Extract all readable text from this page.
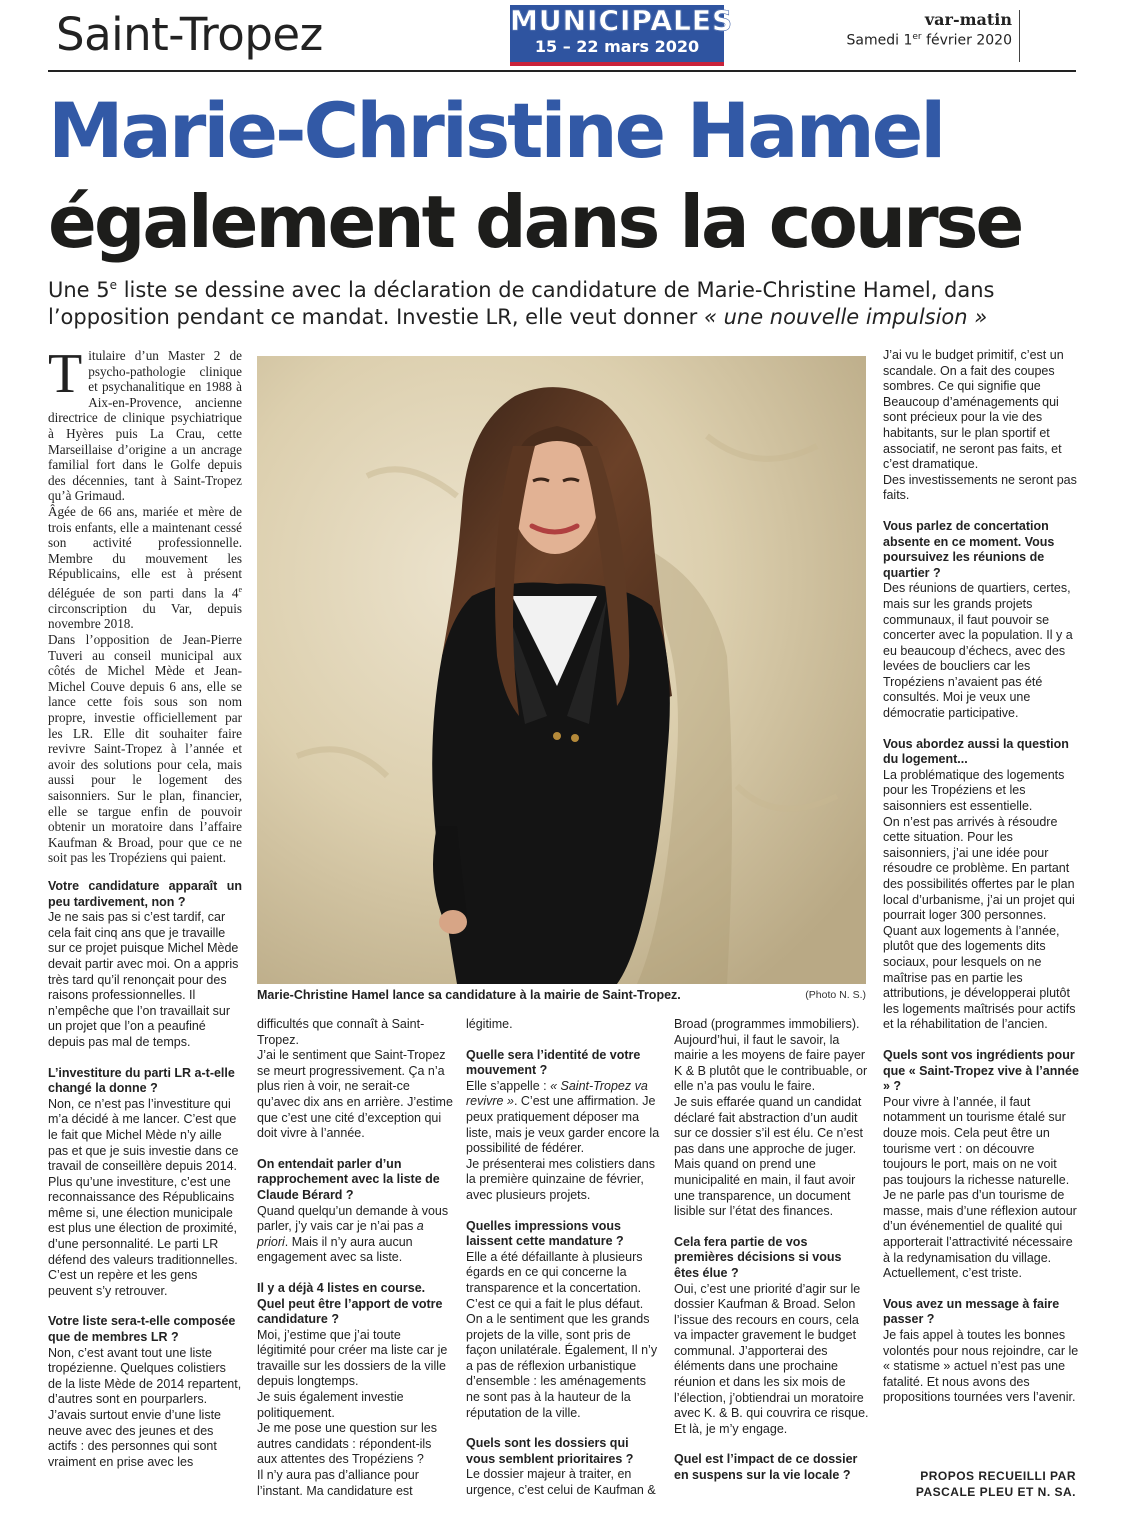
Saint-Tropez	MUNICIPALES
15 – 22 mars 2020
var-matin
Samedi 1er février 2020
Marie-Christine Hamel
également dans la course
Une 5e liste se dessine avec la déclaration de candidature de Marie-Christine Hamel, dans l’opposition pendant ce mandat. Investie LR, elle veut donner « une nouvelle impulsion »

Titulaire d’un Master 2 de psycho-pathologie clinique et psychanalitique en 1988 à Aix-en-Provence, ancienne directrice de clinique psychiatrique à Hyères puis La Crau, cette Marseillaise d’origine a un ancrage familial fort dans le Golfe depuis des décennies, tant à Saint-Tropez qu’à Grimaud.

Âgée de 66 ans, mariée et mère de trois enfants, elle a maintenant cessé son activité professionnelle. Membre du mouvement les Républicains, elle est à présent déléguée de son parti dans la 4e circonscription du Var, depuis novembre 2018.

Dans l’opposition de Jean-Pierre Tuveri au conseil municipal aux côtés de Michel Mède et Jean-Michel Couve depuis 6 ans, elle se lance cette fois sous son nom propre, investie officiellement par les LR. Elle dit souhaiter faire revivre Saint-Tropez à l’année et avoir des solutions pour cela, mais aussi pour le logement des saisonniers. Sur le plan, financier, elle se targue enfin de pouvoir obtenir un moratoire dans l’affaire Kaufman & Broad, pour que ce ne soit pas les Tropéziens qui paient.

Votre candidature apparaît un peu tardivement, non ?

Je ne sais pas si c’est tardif, car cela fait cinq ans que je travaille sur ce projet puisque Michel Mède devait partir avec moi. On a appris très tard qu’il renonçait pour des raisons professionnelles. Il n’empêche que l’on travaillait sur un projet que l’on a peaufiné depuis pas mal de temps.

L’investiture du parti LR a-t-elle changé la donne ?

Non, ce n’est pas l’investiture qui m’a décidé à me lancer. C’est que le fait que Michel Mède n’y aille pas et que je suis investie dans ce travail de conseillère depuis 2014. Plus qu’une investiture, c’est une reconnaissance des Républicains même si, une élection municipale est plus une élection de proximité, d’une personnalité. Le parti LR défend des valeurs traditionnelles. C’est un repère et les gens peuvent s’y retrouver.

Votre liste sera-t-elle composée que de membres LR ?

Non, c’est avant tout une liste tropézienne. Quelques colistiers de la liste Mède de 2014 repartent, d’autres sont en pourparlers. J’avais surtout envie d’une liste neuve avec des jeunes et des actifs : des personnes qui sont vraiment en prise avec les

Marie-Christine Hamel lance sa candidature à la mairie de Saint-Tropez.	(Photo N. S.)

difficultés que connaît à Saint-Tropez.

J’ai le sentiment que Saint-Tropez se meurt progressivement. Ça n’a plus rien à voir, ne serait-ce qu’avec dix ans en arrière. J’estime que c’est une cité d’exception qui doit vivre à l’année.

On entendait parler d’un rapprochement avec la liste de Claude Bérard ?

Quand quelqu’un demande à vous parler, j’y vais car je n’ai pas a priori. Mais il n’y aura aucun engagement avec sa liste.

Il y a déjà 4 listes en course. Quel peut être l’apport de votre candidature ?

Moi, j’estime que j’ai toute légitimité pour créer ma liste car je travaille sur les dossiers de la ville depuis longtemps.

Je suis également investie politiquement.

Je me pose une question sur les autres candidats : répondent-ils aux attentes des Tropéziens ?

Il n’y aura pas d’alliance pour l’instant. Ma candidature est

légitime.

Quelle sera l’identité de votre mouvement ?

Elle s’appelle : « Saint-Tropez va revivre ». C’est une affirmation. Je peux pratiquement déposer ma liste, mais je veux garder encore la possibilité de fédérer.

Je présenterai mes colistiers dans la première quinzaine de février, avec plusieurs projets.

Quelles impressions vous laissent cette mandature ?

Elle a été défaillante à plusieurs égards en ce qui concerne la transparence et la concertation. C’est ce qui a fait le plus défaut.

On a le sentiment que les grands projets de la ville, sont pris de façon unilatérale. Également, Il n’y a pas de réflexion urbanistique d’ensemble : les aménagements ne sont pas à la hauteur de la réputation de la ville.

Quels sont les dossiers qui vous semblent prioritaires ?

Le dossier majeur à traiter, en urgence, c’est celui de Kaufman &

Broad (programmes immobiliers).

Aujourd’hui, il faut le savoir, la mairie a les moyens de faire payer K & B plutôt que le contribuable, or elle n’a pas voulu le faire.

Je suis effarée quand un candidat déclaré fait abstraction d’un audit sur ce dossier s’il est élu. Ce n’est pas dans une approche de juger. Mais quand on prend une municipalité en main, il faut avoir une transparence, un document lisible sur l’état des finances.

Cela fera partie de vos premières décisions si vous êtes élue ?

Oui, c’est une priorité d’agir sur le dossier Kaufman & Broad. Selon l’issue des recours en cours, cela va impacter gravement le budget communal. J’apporterai des éléments dans une prochaine réunion et dans les six mois de l’élection, j’obtiendrai un moratoire avec K. & B. qui couvrira ce risque.

Et là, je m’y engage.

Quel est l’impact de ce dossier en suspens sur la vie locale ?

J’ai vu le budget primitif, c’est un scandale. On a fait des coupes sombres. Ce qui signifie que Beaucoup d’aménagements qui sont précieux pour la vie des habitants, sur le plan sportif et associatif, ne seront pas faits, et c’est dramatique.

Des investissements ne seront pas faits.

Vous parlez de concertation absente en ce moment. Vous poursuivez les réunions de quartier ?

Des réunions de quartiers, certes, mais sur les grands projets communaux, il faut pouvoir se concerter avec la population. Il y a eu beaucoup d’échecs, avec des levées de boucliers car les Tropéziens n’avaient pas été consultés. Moi je veux une démocratie participative.

Vous abordez aussi la question du logement...

La problématique des logements pour les Tropéziens et les saisonniers est essentielle.

On n’est pas arrivés à résoudre cette situation. Pour les saisonniers, j’ai une idée pour résoudre ce problème. En partant des possibilités offertes par le plan local d’urbanisme, j’ai un projet qui pourrait loger 300 personnes.

Quant aux logements à l’année, plutôt que des logements dits sociaux, pour lesquels on ne maîtrise pas en partie les attributions, je développerai plutôt les logements maîtrisés pour actifs et la réhabilitation de l’ancien.

Quels sont vos ingrédients pour que « Saint-Tropez vive à l’année » ?

Pour vivre à l’année, il faut notamment un tourisme étalé sur douze mois. Cela peut être un tourisme vert : on découvre toujours le port, mais on ne voit pas toujours la richesse naturelle.

Je ne parle pas d’un tourisme de masse, mais d’une réflexion autour d’un événementiel de qualité qui apporterait l’attractivité nécessaire à la redynamisation du village.

Actuellement, c’est triste.

Vous avez un message à faire passer ?

Je fais appel à toutes les bonnes volontés pour nous rejoindre, car le « statisme » actuel n’est pas une fatalité. Et nous avons des propositions tournées vers l’avenir.

PROPOS RECUEILLI PAR
PASCALE PLEU ET N. SA.
